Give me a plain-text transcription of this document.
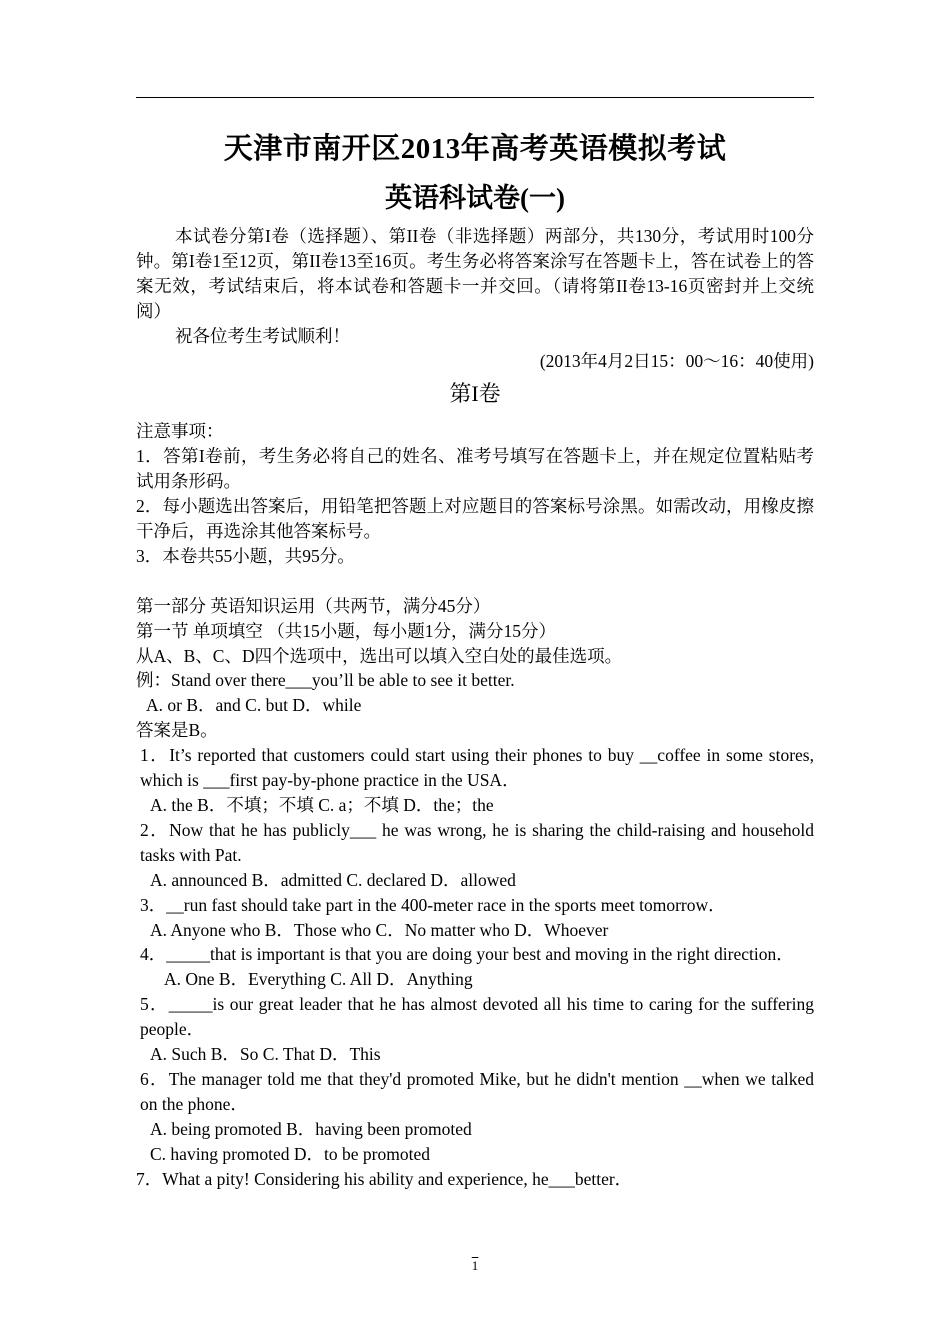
天津市南开区2013年高考英语模拟考试
英语科试卷(一)

本试卷分第I卷（选择题）、第II卷（非选择题）两部分，共130分，考试用时100分钟。第I卷1至12页，第II卷13至16页。考生务必将答案涂写在答题卡上，答在试卷上的答案无效，考试结束后，将本试卷和答题卡一并交回。（请将第II卷13-16页密封并上交统阅）

祝各位考生考试顺利！

(2013年4月2日15：00～16：40使用)

第I卷

注意事项：

1．答第I卷前，考生务必将自己的姓名、准考号填写在答题卡上，并在规定位置粘贴考试用条形码。

2．每小题选出答案后，用铅笔把答题上对应题目的答案标号涂黑。如需改动，用橡皮擦干净后，再选涂其他答案标号。

3．本卷共55小题，共95分。

第一部分 英语知识运用（共两节，满分45分）

第一节 单项填空 （共15小题，每小题1分，满分15分）

从A、B、C、D四个选项中，选出可以填入空白处的最佳选项。

例：Stand over there___you’ll be able to see it better.

A. or B．and C. but D．while

答案是B。

1．It’s reported that customers could start using their phones to buy __coffee in some stores, which is ___first pay-by-phone practice in the USA．

A. the B．不填；不填 C. a；不填 D．the；the

2．Now that he has publicly___ he was wrong, he is sharing the child-raising and household tasks with Pat.

A. announced B．admitted C. declared D．allowed

3．__run fast should take part in the 400-meter race in the sports meet tomorrow．

A. Anyone who B．Those who C．No matter who D．Whoever

4．_____that is important is that you are doing your best and moving in the right direction．

A. One B．Everything C. All D．Anything

5．_____is our great leader that he has almost devoted all his time to caring for the suffering people．

A. Such B．So C. That D．This

6．The manager told me that they'd promoted Mike, but he didn't mention __when we talked on the phone．

A. being promoted B．having been promoted

C. having promoted D．to be promoted

7．What a pity! Considering his ability and experience, he___better．

1
